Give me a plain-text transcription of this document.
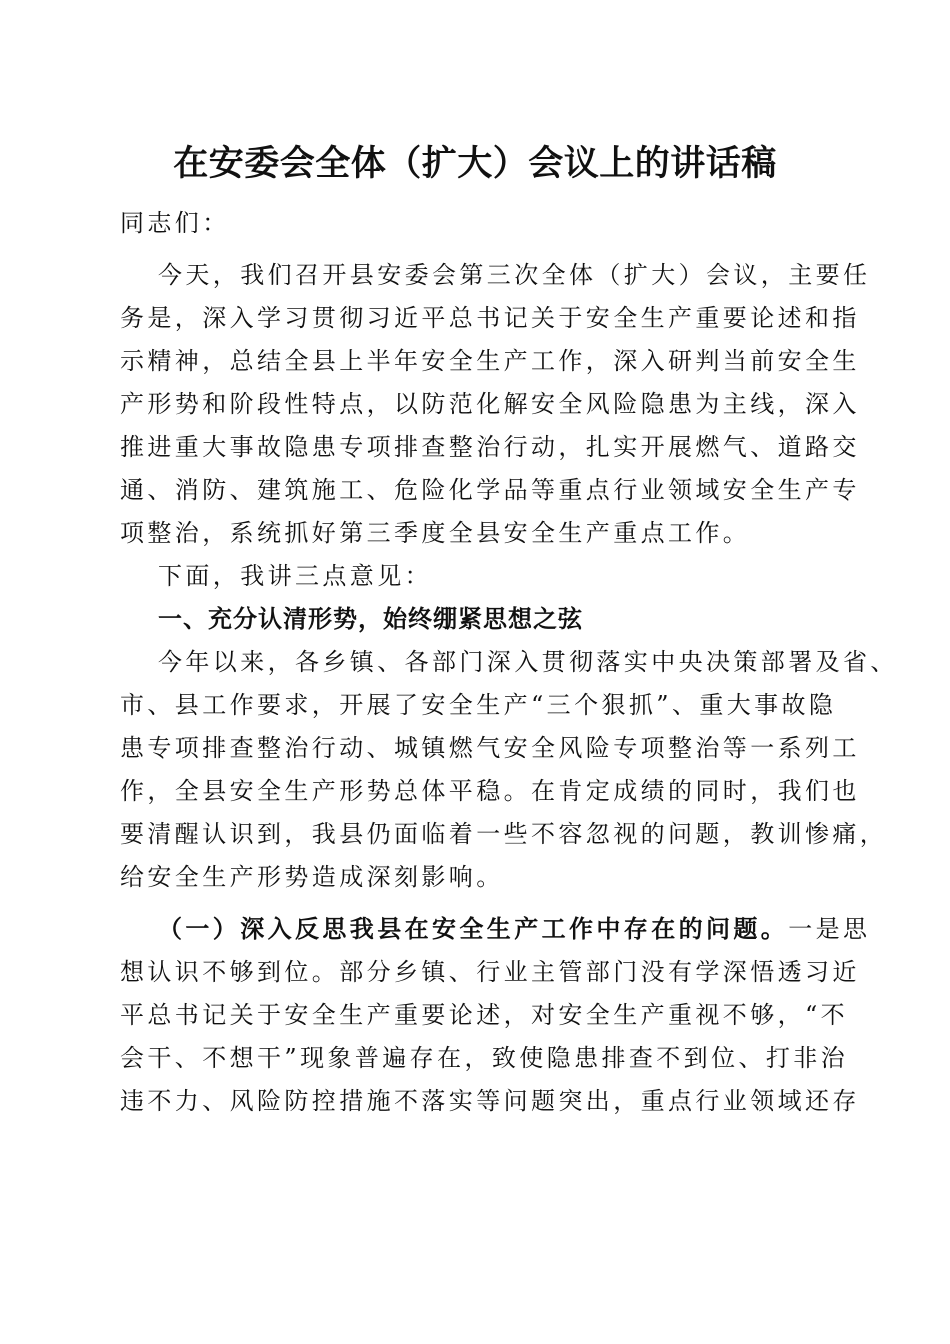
在安委会全体（扩大）会议上的讲话稿

同志们：

今天，我们召开县安委会第三次全体（扩大）会议，主要任
务是，深入学习贯彻习近平总书记关于安全生产重要论述和指
示精神，总结全县上半年安全生产工作，深入研判当前安全生
产形势和阶段性特点，以防范化解安全风险隐患为主线，深入
推进重大事故隐患专项排查整治行动，扎实开展燃气、道路交
通、消防、建筑施工、危险化学品等重点行业领域安全生产专
项整治，系统抓好第三季度全县安全生产重点工作。

下面，我讲三点意见：

一、充分认清形势，始终绷紧思想之弦

今年以来，各乡镇、各部门深入贯彻落实中央决策部署及省、
市、县工作要求，开展了安全生产“三个狠抓”、重大事故隐
患专项排查整治行动、城镇燃气安全风险专项整治等一系列工
作，全县安全生产形势总体平稳。在肯定成绩的同时，我们也
要清醒认识到，我县仍面临着一些不容忽视的问题，教训惨痛，
给安全生产形势造成深刻影响。

（一）深入反思我县在安全生产工作中存在的问题。一是思
想认识不够到位。部分乡镇、行业主管部门没有学深悟透习近
平总书记关于安全生产重要论述，对安全生产重视不够，“不
会干、不想干”现象普遍存在，致使隐患排查不到位、打非治
违不力、风险防控措施不落实等问题突出，重点行业领域还存
